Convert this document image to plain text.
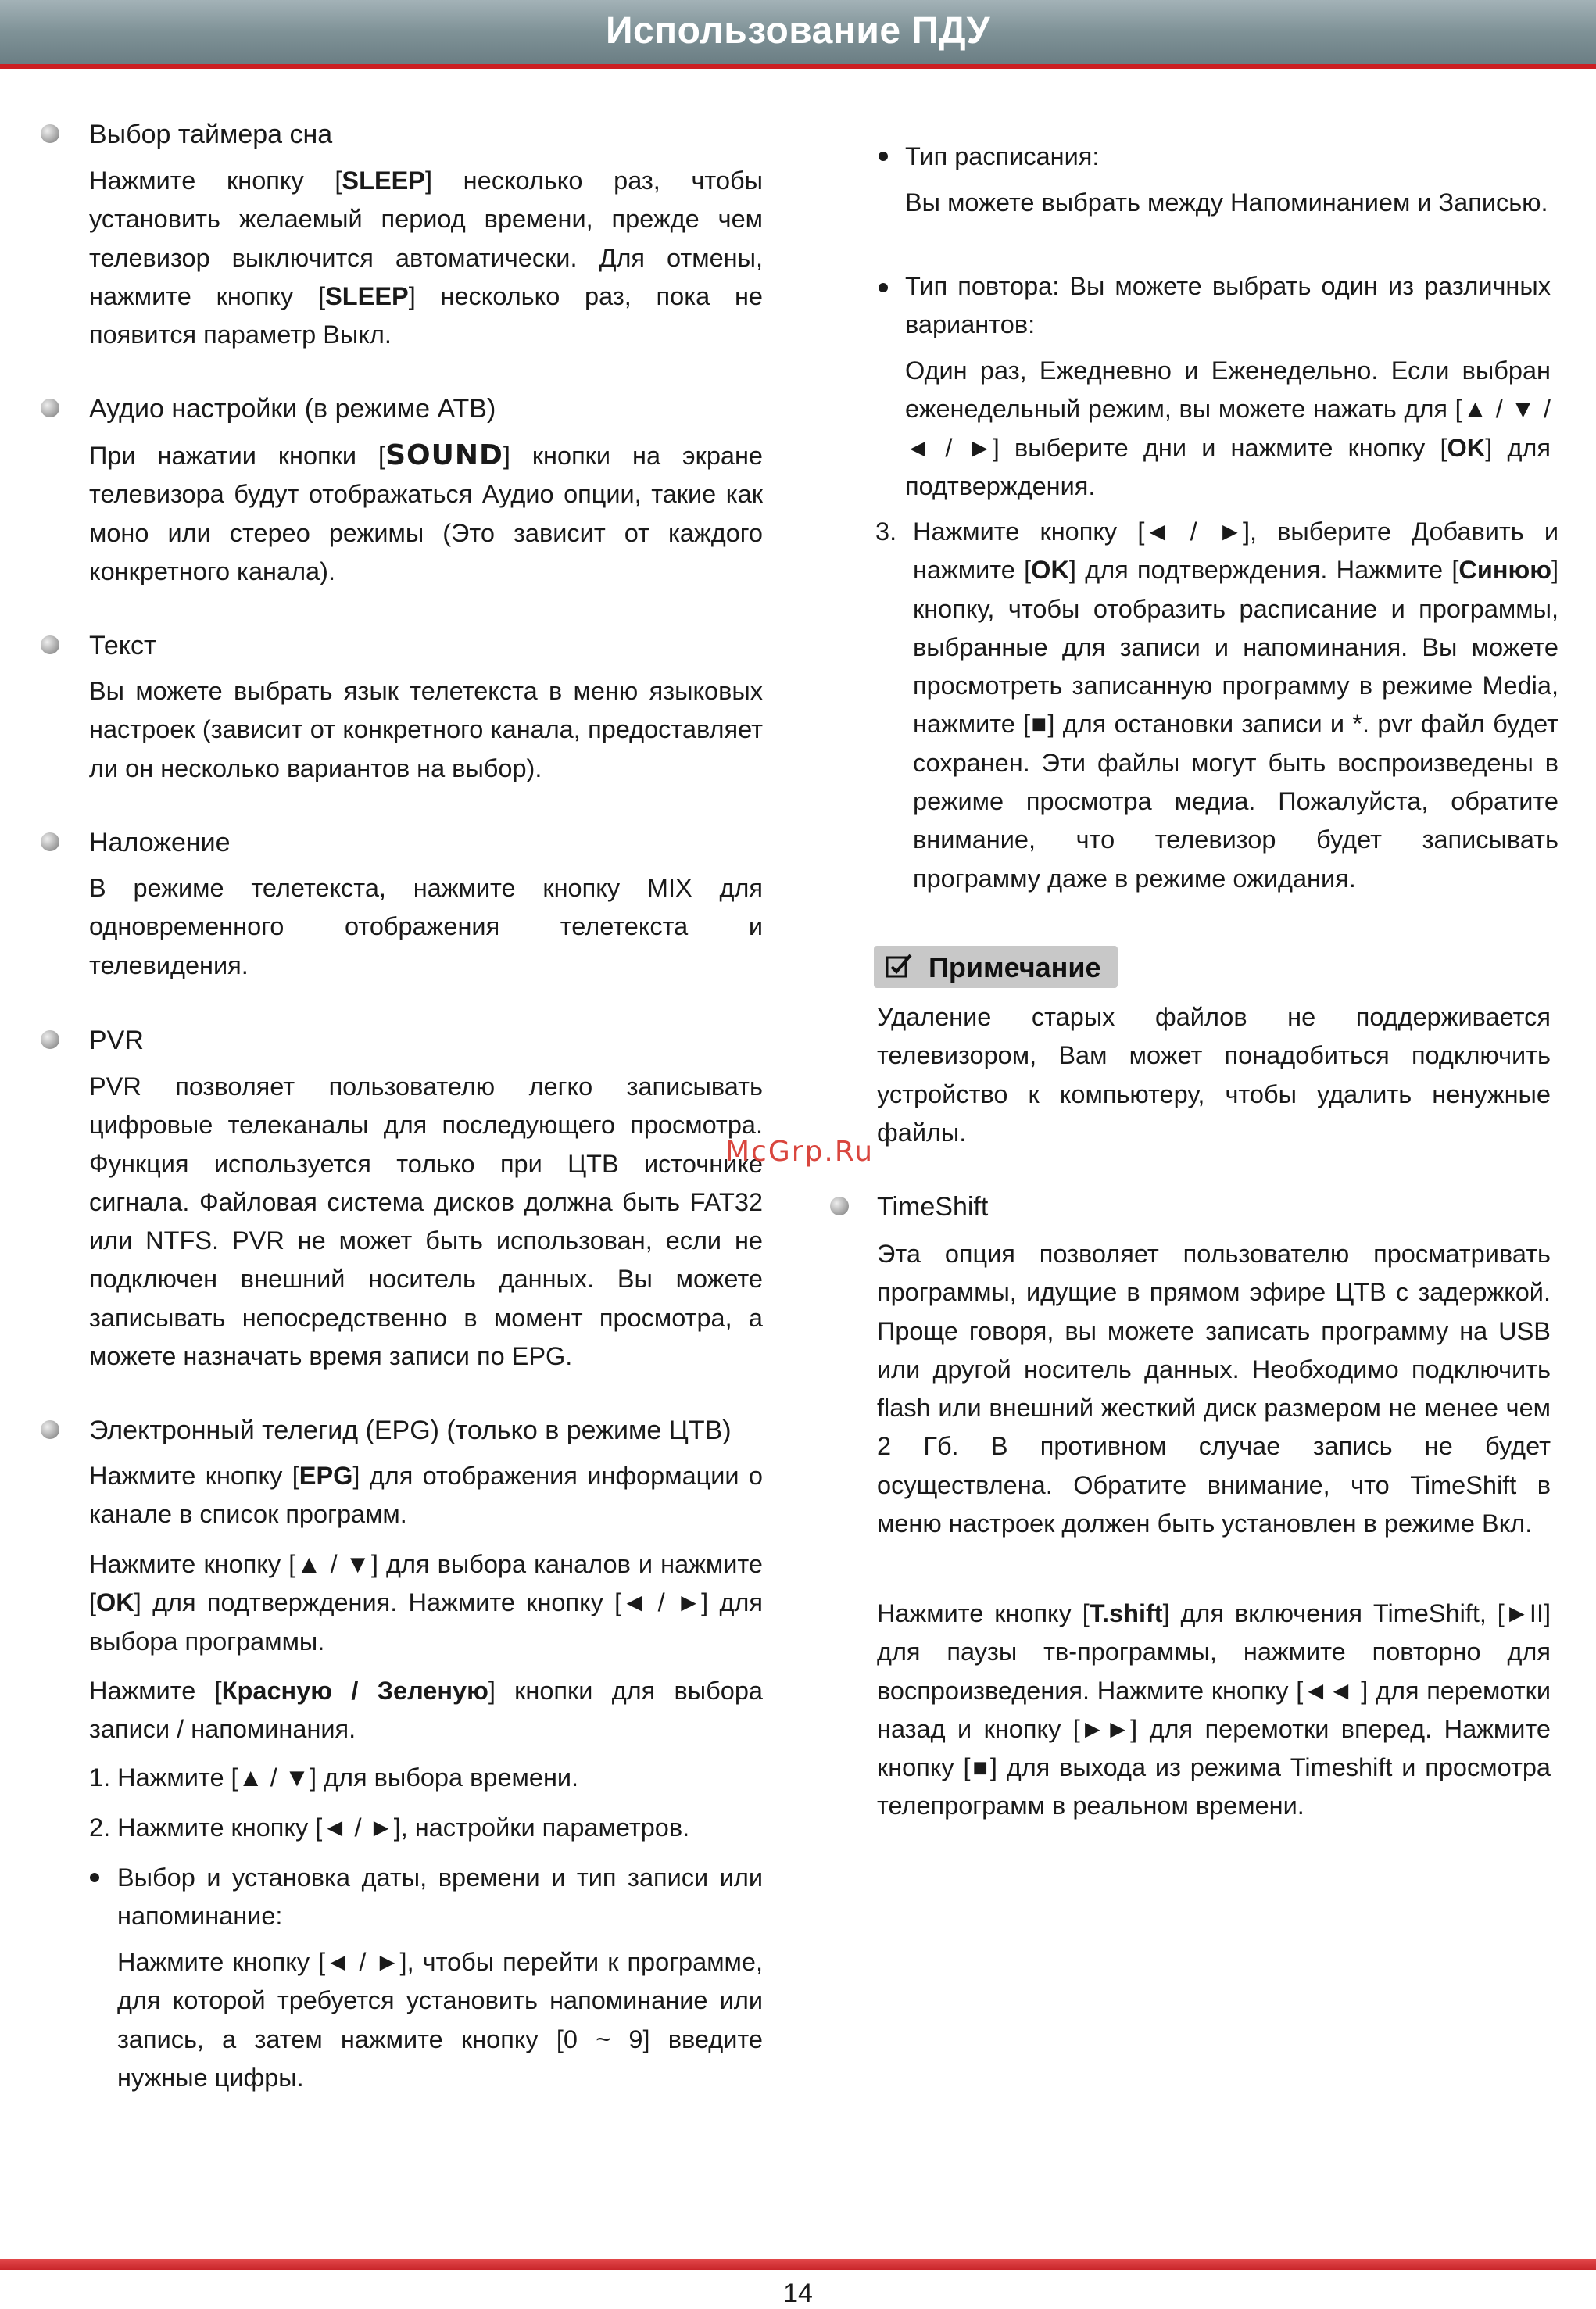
Использование ПДУ
Выбор таймера сна
Нажмите кнопку [SLEEP] несколько раз, чтобы установить желаемый период времени, прежде чем телевизор выключится автоматически. Для отмены, нажмите кнопку [SLEEP] несколько раз, пока не появится параметр Выкл.
Аудио настройки (в режиме АТВ)
При нажатии кнопки [SOUND] кнопки на экране телевизора будут отображаться Аудио опции, такие как моно или стерео режимы (Это зависит от каждого конкретного канала).
Текст
Вы можете выбрать язык телетекста в меню языковых настроек (зависит от конкретного канала, предоставляет ли он несколько вариантов на выбор).
Наложение
В режиме телетекста, нажмите кнопку MIX для одновременного отображения телетекста и телевидения.
PVR
PVR позволяет пользователю легко записывать цифровые телеканалы для последующего просмотра. Функция используется только при ЦТВ источнике сигнала. Файловая система дисков должна быть FAT32 или NTFS. PVR не может быть использован, если не подключен внешний носитель данных. Вы можете записывать непосредственно в момент просмотра, а можете назначать время записи по EPG.
Электронный телегид (EPG) (только в режиме ЦТВ)
Нажмите кнопку [EPG] для отображения информации о канале в список программ.
Нажмите кнопку [▲ / ▼] для выбора каналов и нажмите [OK] для подтверждения. Нажмите кнопку [◄ / ►] для выбора программы.
Нажмите [Красную / Зеленую] кнопки для выбора записи / напоминания.
1. Нажмите [▲ / ▼] для выбора времени.
2. Нажмите кнопку [◄ / ►], настройки параметров.
Выбор и установка даты, времени и тип записи или напоминание:
Нажмите кнопку [◄ / ►], чтобы перейти к программе, для которой требуется установить напоминание или запись, а затем нажмите кнопку [0 ~ 9] введите нужные цифры.
Тип расписания:
Вы можете выбрать между Напоминанием и Записью.
Тип повтора: Вы можете выбрать один из различных вариантов:
Один раз, Ежедневно и Еженедельно. Если выбран еженедельный режим, вы можете нажать для [▲ / ▼ / ◄ / ►] выберите дни и нажмите кнопку [OK] для подтверждения.
3. Нажмите кнопку [◄ / ►], выберите Добавить и нажмите [OK] для подтверждения. Нажмите [Синюю] кнопку, чтобы отобразить расписание и программы, выбранные для записи и напоминания. Вы можете просмотреть записанную программу в режиме Media, нажмите [■] для остановки записи и *. pvr файл будет сохранен. Эти файлы могут быть воспроизведены в режиме просмотра медиа. Пожалуйста, обратите внимание, что телевизор будет записывать программу даже в режиме ожидания.
Примечание
Удаление старых файлов не поддерживается телевизором, Вам может понадобиться подключить устройство к компьютеру, чтобы удалить ненужные файлы.
TimeShift
Эта опция позволяет пользователю просматривать программы, идущие в прямом эфире ЦТВ с задержкой. Проще говоря, вы можете записать программу на USB или другой носитель данных. Необходимо подключить flash или внешний жесткий диск размером не менее чем 2 Гб. В противном случае запись не будет осуществлена. Обратите внимание, что TimeShift в меню настроек должен быть установлен в режиме Вкл.
Нажмите кнопку [T.shift] для включения TimeShift, [►II] для паузы тв-программы, нажмите повторно для воспроизведения. Нажмите кнопку [◄◄ ] для перемотки назад и кнопку [►►] для перемотки вперед. Нажмите кнопку [■] для выхода из режима Timeshift и просмотра телепрограмм в реальном времени.
McGrp.Ru
14
